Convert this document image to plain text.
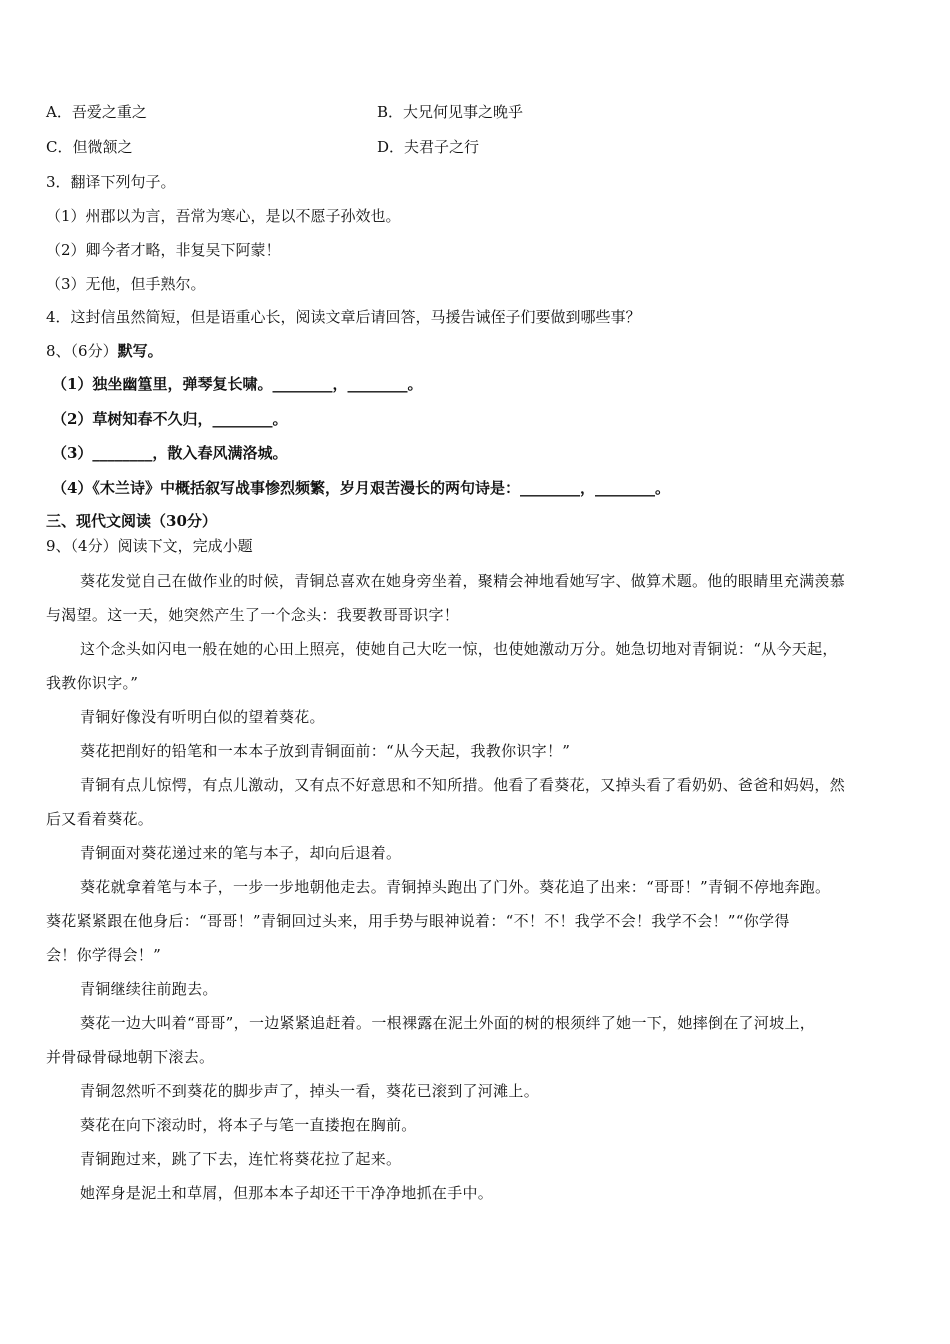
A．吾爱之重之	B．大兄何见事之晚乎
C．但微颔之	D．夫君子之行
3．翻译下列句子。
（1）州郡以为言，吾常为寒心，是以不愿子孙效也。
（2）卿今者才略，非复吴下阿蒙！
（3）无他，但手熟尔。
4．这封信虽然简短，但是语重心长，阅读文章后请回答，马援告诫侄子们要做到哪些事？
8、（6分）默写。
（1）独坐幽篁里，弹琴复长啸。________，________。
（2）草树知春不久归，________。
（3）________，散入春风满洛城。
（4）《木兰诗》中概括叙写战事惨烈频繁，岁月艰苦漫长的两句诗是：________，________。
三、现代文阅读（30分）
9、（4分）阅读下文，完成小题
葵花发觉自己在做作业的时候，青铜总喜欢在她身旁坐着，聚精会神地看她写字、做算术题。他的眼睛里充满羡慕
与渴望。这一天，她突然产生了一个念头：我要教哥哥识字！
这个念头如闪电一般在她的心田上照亮，使她自己大吃一惊，也使她激动万分。她急切地对青铜说：“从今天起，
我教你识字。”
青铜好像没有听明白似的望着葵花。
葵花把削好的铅笔和一本本子放到青铜面前：“从今天起，我教你识字！”
青铜有点儿惊愕，有点儿激动，又有点不好意思和不知所措。他看了看葵花，又掉头看了看奶奶、爸爸和妈妈，然
后又看着葵花。
青铜面对葵花递过来的笔与本子，却向后退着。
葵花就拿着笔与本子，一步一步地朝他走去。青铜掉头跑出了门外。葵花追了出来：“哥哥！”青铜不停地奔跑。
葵花紧紧跟在他身后：“哥哥！”青铜回过头来，用手势与眼神说着：“不！不！我学不会！我学不会！”“你学得
会！你学得会！”
青铜继续往前跑去。
葵花一边大叫着“哥哥”，一边紧紧追赶着。一根裸露在泥土外面的树的根须绊了她一下，她摔倒在了河坡上，
并骨碌骨碌地朝下滚去。
青铜忽然听不到葵花的脚步声了，掉头一看，葵花已滚到了河滩上。
葵花在向下滚动时，将本子与笔一直搂抱在胸前。
青铜跑过来，跳了下去，连忙将葵花拉了起来。
她浑身是泥土和草屑，但那本本子却还干干净净地抓在手中。
